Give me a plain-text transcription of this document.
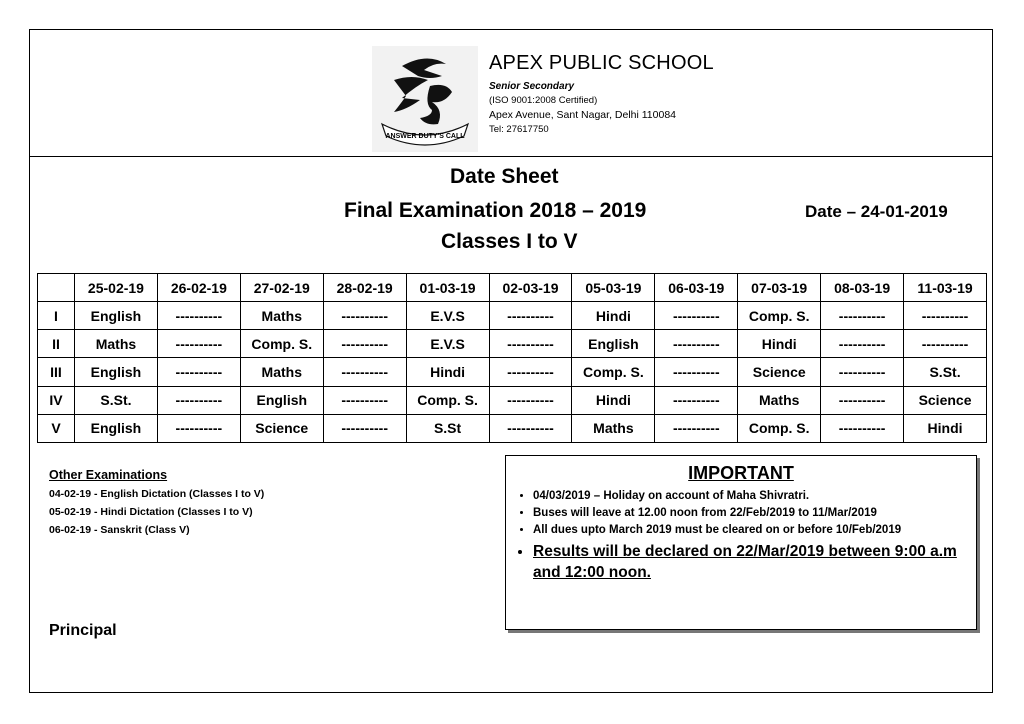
ANSWER DUTY'S CALL
APEX PUBLIC SCHOOL
Senior Secondary
(ISO 9001:2008 Certified)
Apex Avenue, Sant Nagar, Delhi 110084
Tel: 27617750
Date Sheet
Final Examination 2018 – 2019
Classes I to V
Date – 24-01-2019
	25-02-19	26-02-19	27-02-19	28-02-19	01-03-19	02-03-19	05-03-19	06-03-19	07-03-19	08-03-19	11-03-19
I	English	----------	Maths	----------	E.V.S	----------	Hindi	----------	Comp. S.	----------	----------
II	Maths	----------	Comp. S.	----------	E.V.S	----------	English	----------	Hindi	----------	----------
III	English	----------	Maths	----------	Hindi	----------	Comp. S.	----------	Science	----------	S.St.
IV	S.St.	----------	English	----------	Comp. S.	----------	Hindi	----------	Maths	----------	Science
V	English	----------	Science	----------	S.St	----------	Maths	----------	Comp. S.	----------	Hindi
Other Examinations
04-02-19 - English Dictation (Classes I to V)
05-02-19 - Hindi Dictation (Classes I to V)
06-02-19 - Sanskrit (Class V)
Principal
IMPORTANT
• 04/03/2019 – Holiday on account of Maha Shivratri.
• Buses will leave at 12.00 noon from 22/Feb/2019 to 11/Mar/2019
• All dues upto March 2019 must be cleared on or before 10/Feb/2019
• Results will be declared on 22/Mar/2019 between 9:00 a.m and 12:00 noon.
